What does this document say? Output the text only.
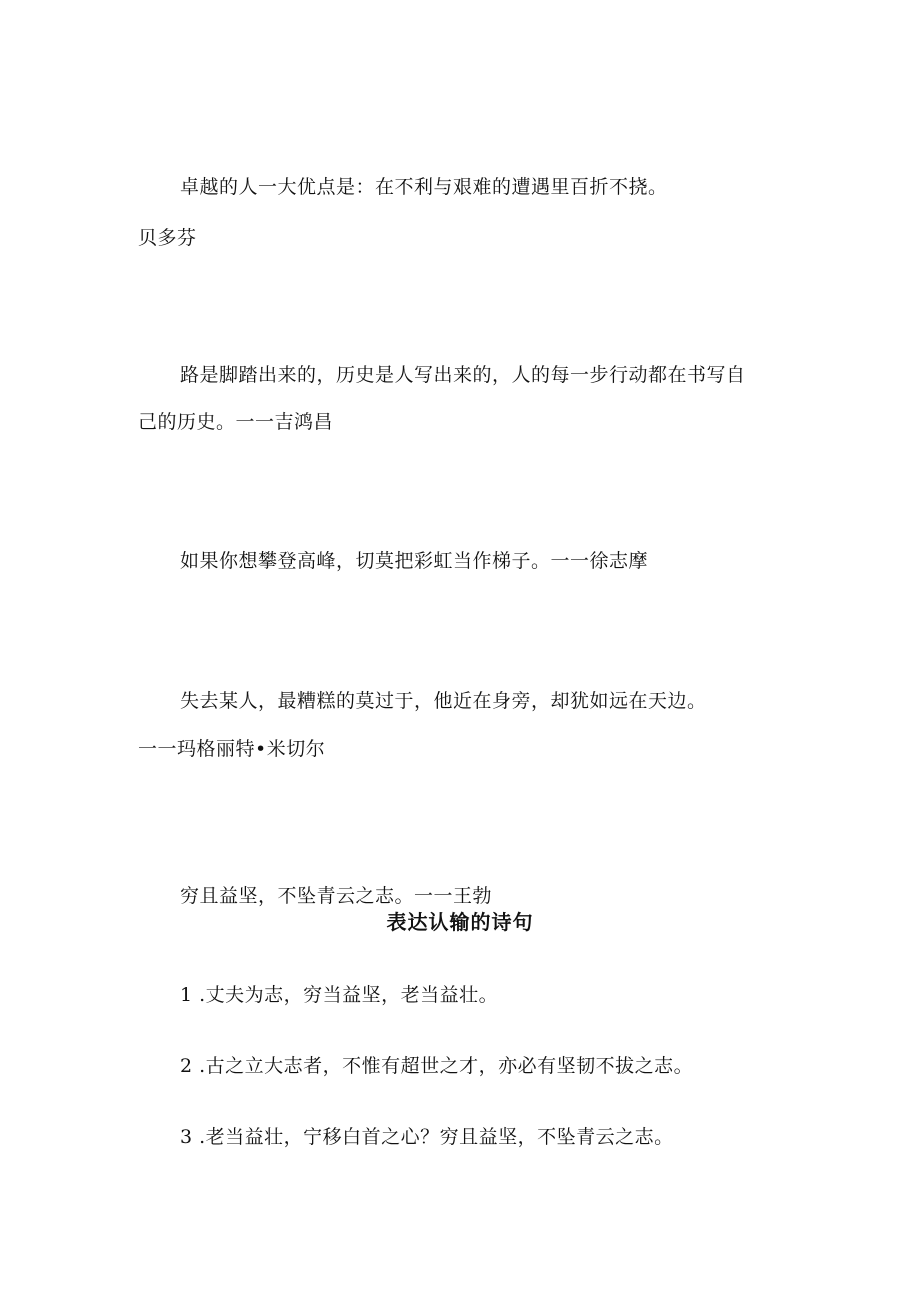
卓越的人一大优点是：在不利与艰难的遭遇里百折不挠。
贝多芬
路是脚踏出来的，历史是人写出来的，人的每一步行动都在书写自
己的历史。一一吉鸿昌
如果你想攀登高峰，切莫把彩虹当作梯子。一一徐志摩
失去某人，最糟糕的莫过于，他近在身旁，却犹如远在天边。
一一玛格丽特•米切尔
穷且益坚，不坠青云之志。一一王勃
表达认输的诗句
1 .丈夫为志，穷当益坚，老当益壮。
2 .古之立大志者，不惟有超世之才，亦必有坚韧不拔之志。
3 .老当益壮，宁移白首之心？穷且益坚，不坠青云之志。
